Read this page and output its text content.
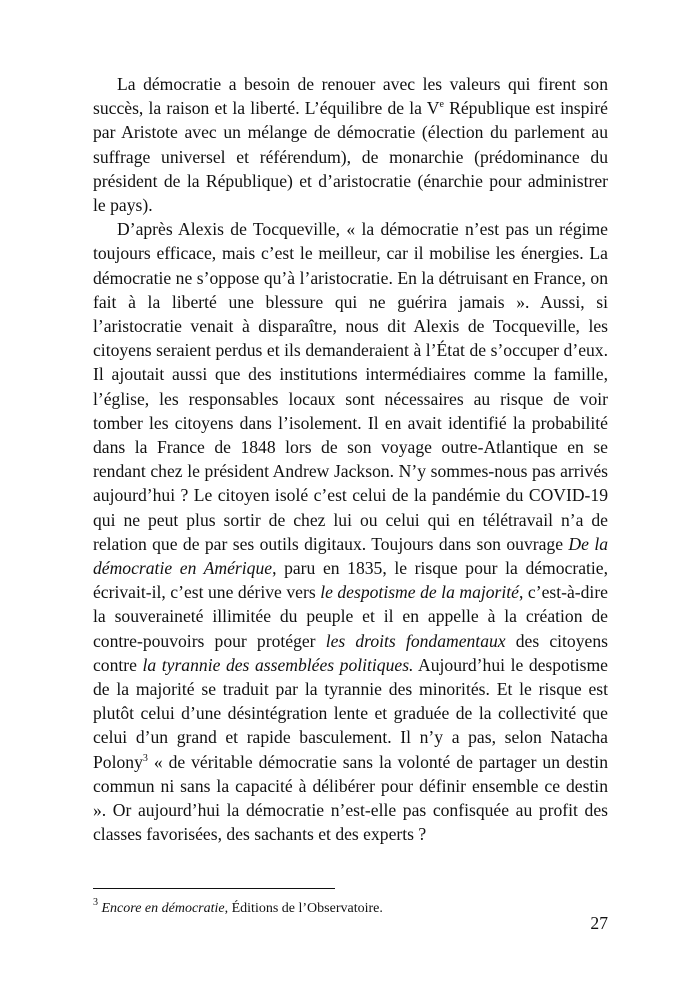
La démocratie a besoin de renouer avec les valeurs qui firent son succès, la raison et la liberté. L’équilibre de la Ve République est inspiré par Aristote avec un mélange de démocratie (élection du parlement au suffrage universel et référendum), de monarchie (prédominance du président de la République) et d’aristocratie (énarchie pour administrer le pays).

D’après Alexis de Tocqueville, « la démocratie n’est pas un régime toujours efficace, mais c’est le meilleur, car il mobilise les énergies. La démocratie ne s’oppose qu’à l’aristocratie. En la détruisant en France, on fait à la liberté une blessure qui ne guérira jamais ». Aussi, si l’aristocratie venait à disparaître, nous dit Alexis de Tocqueville, les citoyens seraient perdus et ils demanderaient à l’État de s’occuper d’eux. Il ajoutait aussi que des institutions intermédiaires comme la famille, l’église, les responsables locaux sont nécessaires au risque de voir tomber les citoyens dans l’isolement. Il en avait identifié la probabilité dans la France de 1848 lors de son voyage outre-Atlantique en se rendant chez le président Andrew Jackson. N’y sommes-nous pas arrivés aujourd’hui ? Le citoyen isolé c’est celui de la pandémie du COVID-19 qui ne peut plus sortir de chez lui ou celui qui en télétravail n’a de relation que de par ses outils digitaux. Toujours dans son ouvrage De la démocratie en Amérique, paru en 1835, le risque pour la démocratie, écrivait-il, c’est une dérive vers le despotisme de la majorité, c’est-à-dire la souveraineté illimitée du peuple et il en appelle à la création de contre-pouvoirs pour protéger les droits fondamentaux des citoyens contre la tyrannie des assemblées politiques. Aujourd’hui le despotisme de la majorité se traduit par la tyrannie des minorités. Et le risque est plutôt celui d’une désintégration lente et graduée de la collectivité que celui d’un grand et rapide basculement. Il n’y a pas, selon Natacha Polony$^3$ « de véritable démocratie sans la volonté de partager un destin commun ni sans la capacité à délibérer pour définir ensemble ce destin ». Or aujourd’hui la démocratie n’est-elle pas confisquée au profit des classes favorisées, des sachants et des experts ?

$^3$ Encore en démocratie, Éditions de l’Observatoire.
27
